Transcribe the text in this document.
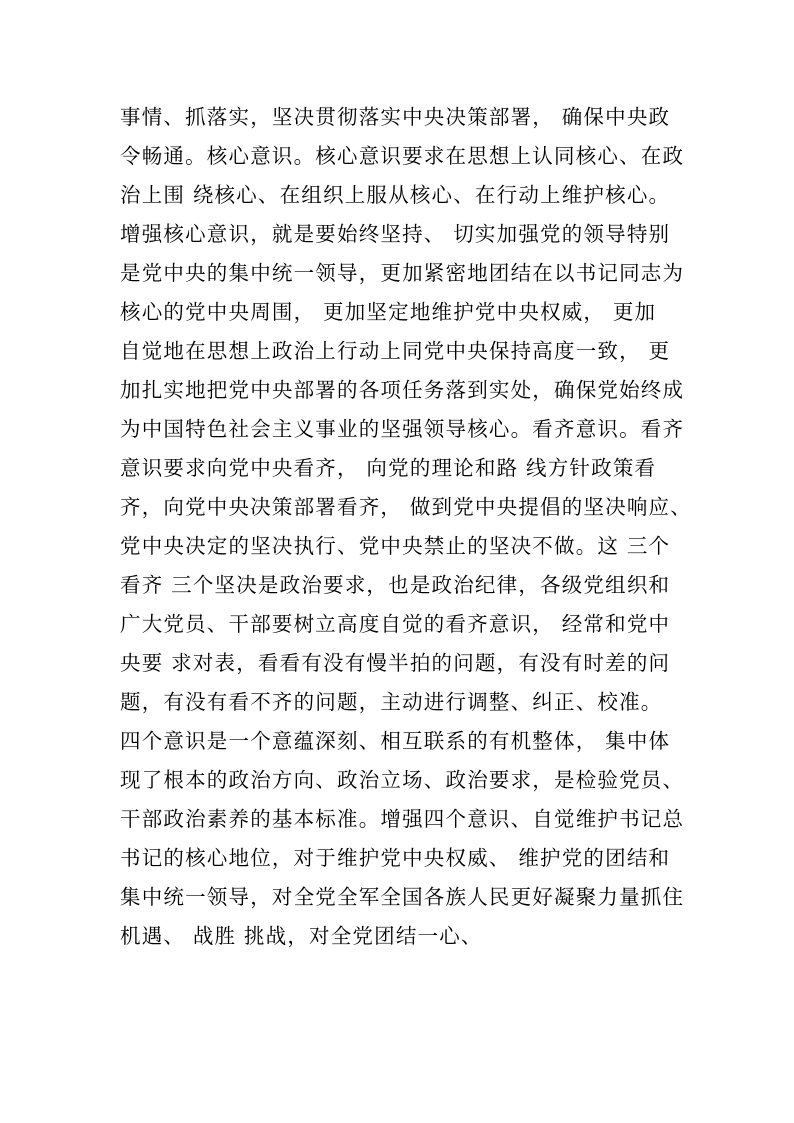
事情、抓落实，坚决贯彻落实中央决策部署， 确保中央政
令畅通。核心意识。核心意识要求在思想上认同核心、在政
治上围 绕核心、在组织上服从核心、在行动上维护核心。
增强核心意识，就是要始终坚持、 切实加强党的领导特别
是党中央的集中统一领导，更加紧密地团结在以书记同志为
核心的党中央周围， 更加坚定地维护党中央权威， 更加
自觉地在思想上政治上行动上同党中央保持高度一致， 更
加扎实地把党中央部署的各项任务落到实处，确保党始终成
为中国特色社会主义事业的坚强领导核心。看齐意识。看齐
意识要求向党中央看齐， 向党的理论和路 线方针政策看
齐，向党中央决策部署看齐， 做到党中央提倡的坚决响应、
党中央决定的坚决执行、党中央禁止的坚决不做。这 三个
看齐 三个坚决是政治要求，也是政治纪律，各级党组织和
广大党员、干部要树立高度自觉的看齐意识， 经常和党中
央要 求对表，看看有没有慢半拍的问题，有没有时差的问
题，有没有看不齐的问题，主动进行调整、纠正、校准。
四个意识是一个意蕴深刻、相互联系的有机整体， 集中体
现了根本的政治方向、政治立场、政治要求，是检验党员、
干部政治素养的基本标准。增强四个意识、自觉维护书记总
书记的核心地位，对于维护党中央权威、 维护党的团结和
集中统一领导，对全党全军全国各族人民更好凝聚力量抓住
机遇、 战胜 挑战，对全党团结一心、
